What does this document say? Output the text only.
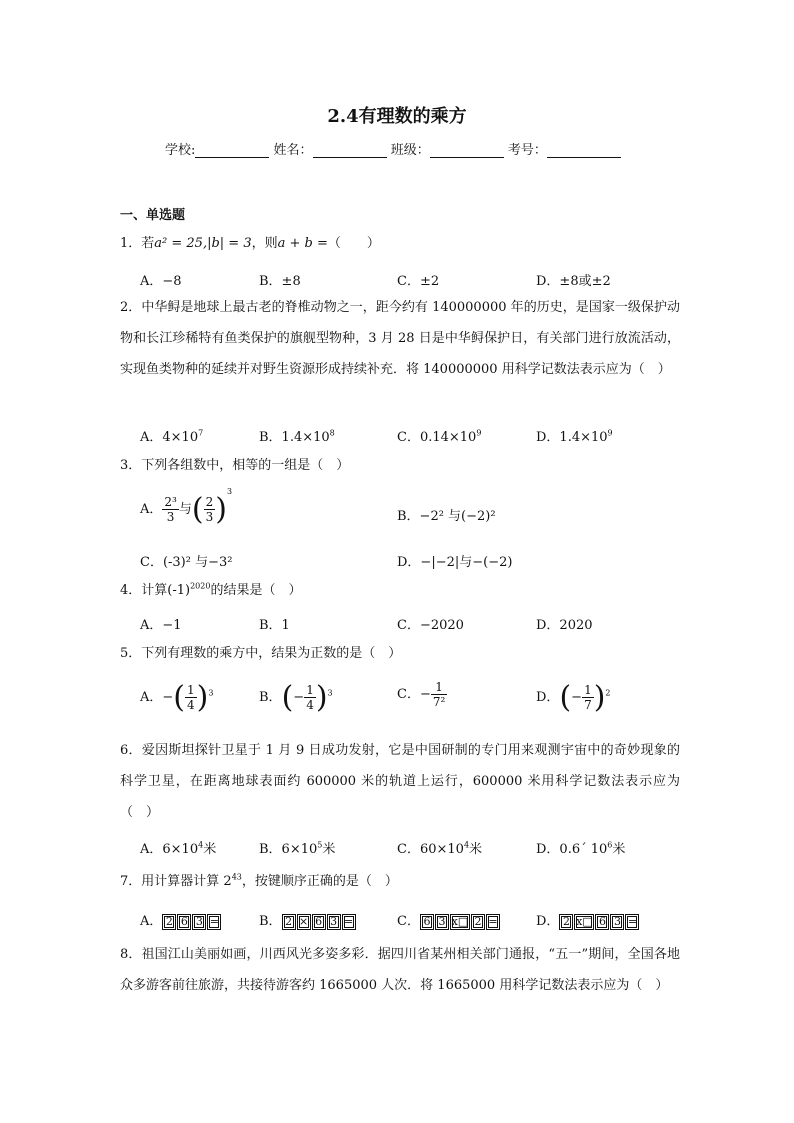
2.4有理数的乘方
学校:	姓名：	班级：	考号：
一、单选题
1．若a² = 25,|b| = 3，则a + b =（　　）
A．−8	B．±8	C．±2	D．±8或±2
2．中华鲟是地球上最古老的脊椎动物之一，距今约有 140000000 年的历史，是国家一级保护动物和长江珍稀特有鱼类保护的旗舰型物种，3 月 28 日是中华鲟保护日，有关部门进行放流活动，实现鱼类物种的延续并对野生资源形成持续补充．将 140000000 用科学记数法表示应为（　）
A．$4\times 10^7$	B．$1.4\times 10^8$	C．$0.14\times 10^9$	D．$1.4\times 10^9$
3．下列各组数中，相等的一组是（　）
A． $\frac{\text{2³}}{3}$ 与( $\frac{2}{3} )^3$
B．−2² 与(−2)²
C．(-3)² 与−3²	D．−|−2|与−(−2)
4．计算$(-1)^{2020}$的结果是（　）
A．−1	B．1	C．−2020	D．2020
5．下列有理数的乘方中，结果为正数的是（　）
A．−( $\frac{1}{4} )^3$	B．(− $\frac{1}{4} )^3$	C．− $\frac{1}{\text{7²}}$	D．(− $\frac{1}{7} )^2$
6．爱因斯坦探针卫星于 1 月 9 日成功发射，它是中国研制的专门用来观测宇宙中的奇妙现象的科学卫星，在距离地球表面约 600000 米的轨道上运行，600000 米用科学记数法表示应为（　）
A．$6\times 10^4$米	B．$6\times 10^5$米	C．$60\times 10^4$米	D．0.6´ $10^6$米
7．用计算器计算 $2^{43}$，按键顺序正确的是（　）
A． 2 6 3 =	B． 2 × 6 3 =	C． 6 3 x□ 2 =	D． 2 x□ 6 3 =
8．祖国江山美丽如画，川西风光多姿多彩．据四川省某州相关部门通报，“五一”期间，全国各地众多游客前往旅游，共接待游客约 1665000 人次．将 1665000 用科学记数法表示应为（　）
